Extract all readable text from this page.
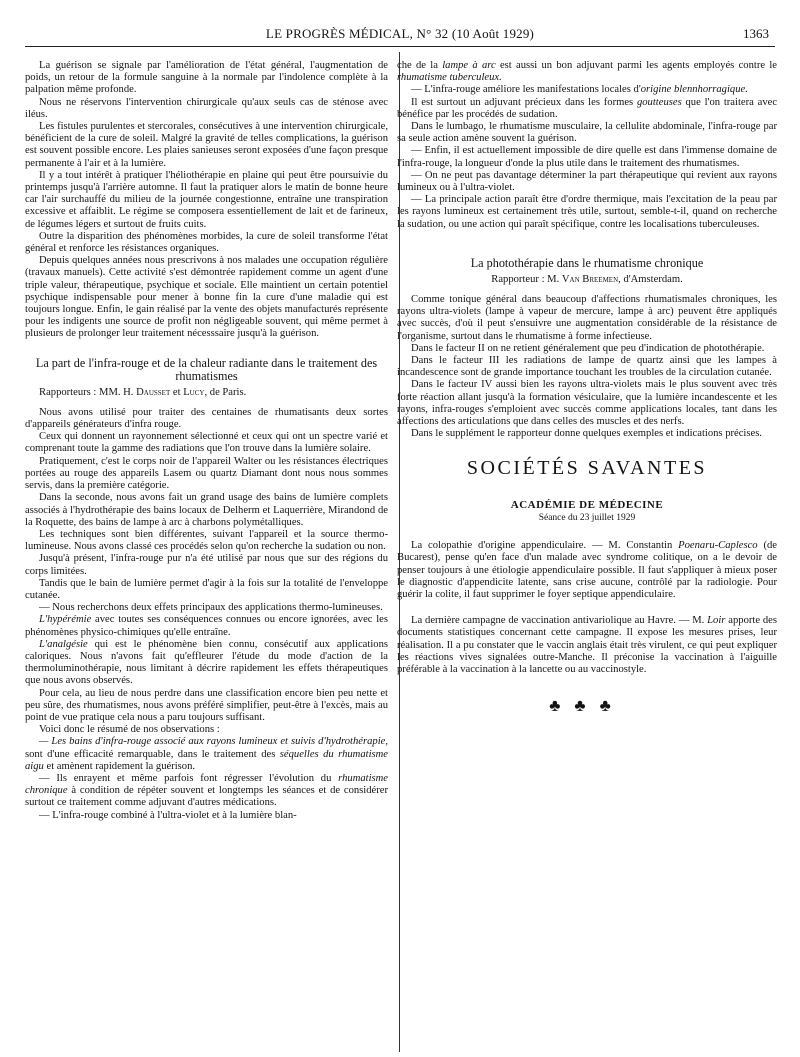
LE PROGRÈS MÉDICAL, N° 32 (10 Août 1929)	1363

La guérison se signale par l'amélioration de l'état général, l'augmentation de poids, un retour de la formule sanguine à la normale par l'indolence complète à la palpation même profonde.

Nous ne réservons l'intervention chirurgicale qu'aux seuls cas de sténose avec iléus.

Les fistules purulentes et stercorales, consécutives à une intervention chirurgicale, bénéficient de la cure de soleil. Malgré la gravité de telles complications, la guérison est souvent possible encore. Les plaies sanieuses seront exposées d'une façon presque permanente à l'air et à la lumière.

Il y a tout intérêt à pratiquer l'héliothérapie en plaine qui peut être poursuivie du printemps jusqu'à l'arrière automne. Il faut la pratiquer alors le matin de bonne heure car l'air surchauffé du milieu de la journée congestionne, entraîne une transpiration excessive et affaiblit. Le régime se composera essentiellement de lait et de farineux, de légumes légers et surtout de fruits cuits.

Outre la disparition des phénomènes morbides, la cure de soleil transforme l'état général et renforce les résistances organiques.

Depuis quelques années nous prescrivons à nos malades une occupation régulière (travaux manuels). Cette activité s'est démontrée rapidement comme un agent d'une triple valeur, thérapeutique, psychique et sociale. Elle maintient un certain potentiel psychique indispensable pour mener à bonne fin la cure d'une maladie qui est toujours longue. Enfin, le gain réalisé par la vente des objets manufacturés représente pour les indigents une source de profit non négligeable souvent, qui même permet à plusieurs de prolonger leur traitement nécesssaire jusqu'à la guérison.

La part de l'infra-rouge et de la chaleur radiante dans le traitement des rhumatismes

Rapporteurs : MM. H. Dausset et Lucy, de Paris.

Nous avons utilisé pour traiter des centaines de rhumatisants deux sortes d'appareils générateurs d'infra rouge.

Ceux qui donnent un rayonnement sélectionné et ceux qui ont un spectre varié et comprenant toute la gamme des radiations que l'on trouve dans la lumière solaire.

Pratiquement, c'est le corps noir de l'appareil Walter ou les résistances électriques portées au rouge des appareils Lasem ou quartz Diamant dont nous nous sommes servis, dans la première catégorie.

Dans la seconde, nous avons fait un grand usage des bains de lumière complets associés à l'hydrothérapie des bains locaux de Delherm et Laquerrière, Mirandond de la Roquette, des bains de lampe à arc à charbons polymétalliques.

Les techniques sont bien différentes, suivant l'appareil et la source thermo-lumineuse. Nous avons classé ces procédés selon qu'on recherche la sudation ou non.

Jusqu'à présent, l'infra-rouge pur n'a été utilisé par nous que sur des régions du corps limitées.

Tandis que le bain de lumière permet d'agir à la fois sur la totalité de l'enveloppe cutanée.

— Nous recherchons deux effets principaux des applications thermo-lumineuses.

L'hypérémie avec toutes ses conséquences connues ou encore ignorées, avec les phénomènes physico-chimiques qu'elle entraîne.

L'analgésie qui est le phénomène bien connu, consécutif aux applications caloriques. Nous n'avons fait qu'effleurer l'étude du mode d'action de la thermoluminothérapie, nous limitant à décrire rapidement les effets thérapeutiques que nous avons observés.

Pour cela, au lieu de nous perdre dans une classification encore bien peu nette et peu sûre, des rhumatismes, nous avons préféré simplifier, peut-être à l'excès, mais au point de vue pratique cela nous a paru toujours suffisant.

Voici donc le résumé de nos observations :

— Les bains d'infra-rouge associé aux rayons lumineux et suivis d'hydrothérapie, sont d'une efficacité remarquable, dans le traitement des séquelles du rhumatisme aigu et amènent rapidement la guérison.

— Ils enrayent et même parfois font régresser l'évolution du rhumatisme chronique à condition de répéter souvent et longtemps les séances et de considérer surtout ce traitement comme adjuvant d'autres médications.

— L'infra-rouge combiné à l'ultra-violet et à la lumière blan-

che de la lampe à arc est aussi un bon adjuvant parmi les agents employés contre le rhumatisme tuberculeux.

— L'infra-rouge améliore les manifestations locales d'origine blennhorragique.

Il est surtout un adjuvant précieux dans les formes goutteuses que l'on traitera avec bénéfice par les procédés de sudation.

Dans le lumbago, le rhumatisme musculaire, la cellulite abdominale, l'infra-rouge par sa seule action amène souvent la guérison.

— Enfin, il est actuellement impossible de dire quelle est dans l'immense domaine de l'infra-rouge, la longueur d'onde la plus utile dans le traitement des rhumatismes.

— On ne peut pas davantage déterminer la part thérapeutique qui revient aux rayons lumineux ou à l'ultra-violet.

— La principale action paraît être d'ordre thermique, mais l'excitation de la peau par les rayons lumineux est certainement très utile, surtout, semble-t-il, quand on recherche la sudation, ou une action qui paraît spécifique, contre les localisations tuberculeuses.

La photothérapie dans le rhumatisme chronique

Rapporteur : M. Van Breemen, d'Amsterdam.

Comme tonique général dans beaucoup d'affections rhumatismales chroniques, les rayons ultra-violets (lampe à vapeur de mercure, lampe à arc) peuvent être appliqués avec succès, d'où il peut s'ensuivre une augmentation considérable de la résistance de l'organisme, surtout dans le rhumatisme à forme infectieuse.

Dans le facteur II on ne retient généralement que peu d'indication de photothérapie.

Dans le facteur III les radiations de lampe de quartz ainsi que les lampes à incandescence sont de grande importance touchant les troubles de la circulation cutanée.

Dans le facteur IV aussi bien les rayons ultra-violets mais le plus souvent avec très forte réaction allant jusqu'à la formation vésiculaire, que la lumière incandescente et les rayons, infra-rouges s'emploient avec succès comme applications locales, tant dans les affections des articulations que dans celles des muscles et des nerfs.

Dans le supplément le rapporteur donne quelques exemples et indications précises.

SOCIÉTÉS SAVANTES
ACADÉMIE DE MÉDECINE
Séance du 23 juillet 1929

La colopathie d'origine appendiculaire. — M. Constantin Poenaru-Caplesco (de Bucarest), pense qu'en face d'un malade avec syndrome colitique, on a le devoir de penser toujours à une étiologie appendiculaire possible. Il faut s'appliquer à mieux poser le diagnostic d'appendicite latente, sans crise aucune, contrôlé par la radiologie. Pour guérir la colite, il faut supprimer le foyer septique appendiculaire.

La dernière campagne de vaccination antivariolique au Havre. — M. Loir apporte des documents statistiques concernant cette campagne. Il expose les mesures prises, leur réalisation. Il a pu constater que le vaccin anglais était très virulent, ce qui peut expliquer les réactions vives signalées outre-Manche. Il préconise la vaccination à l'aiguille préférable à la vaccination à la lancette ou au vaccinostyle.

♣♣♣
